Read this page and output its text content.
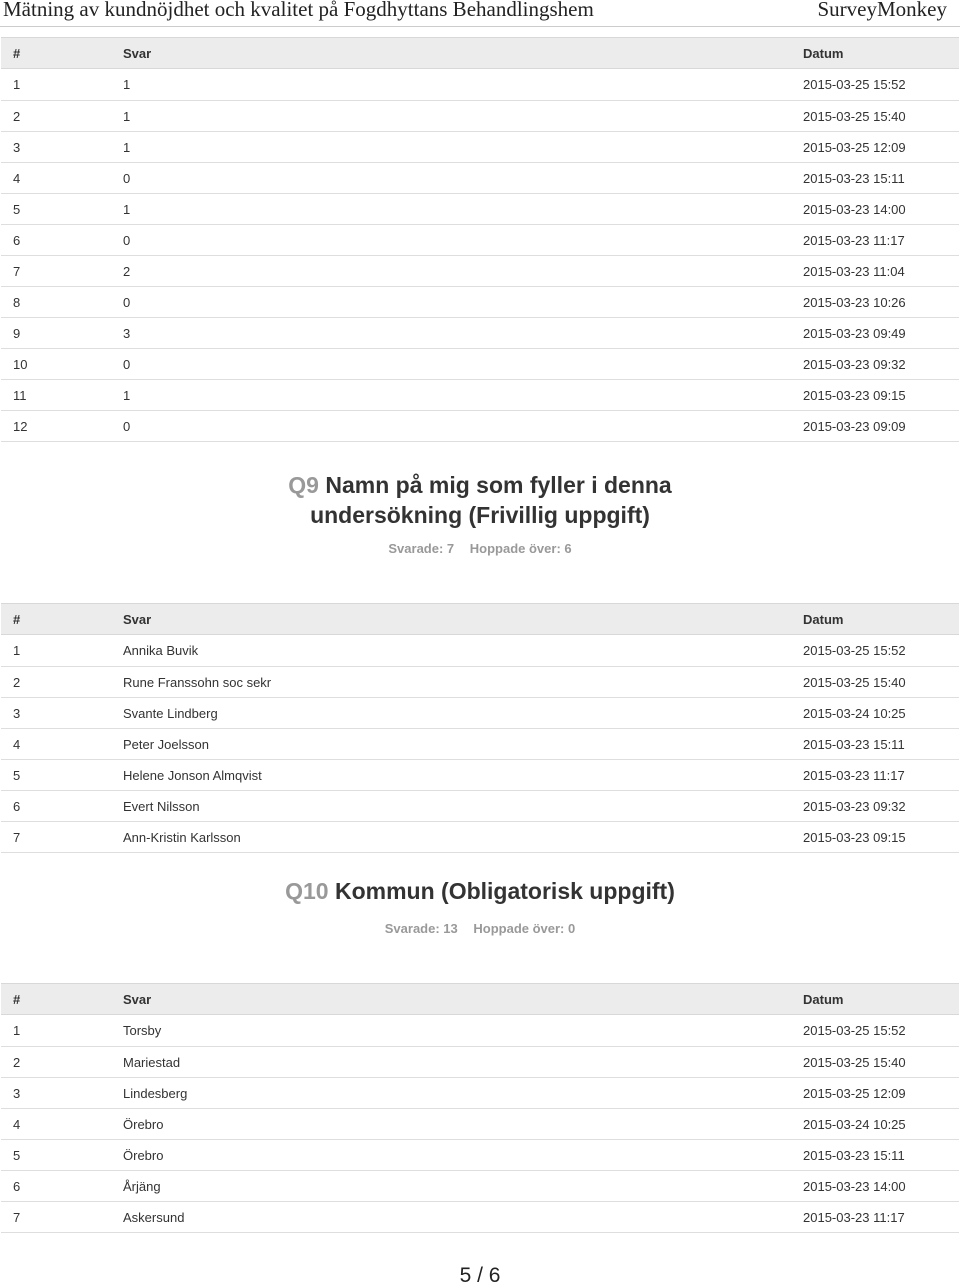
Mätning av kundnöjdhet och kvalitet på Fogdhyttans Behandlingshem	SurveyMonkey
#	Svar	Datum
1	1	2015-03-25 15:52
2	1	2015-03-25 15:40
3	1	2015-03-25 12:09
4	0	2015-03-23 15:11
5	1	2015-03-23 14:00
6	0	2015-03-23 11:17
7	2	2015-03-23 11:04
8	0	2015-03-23 10:26
9	3	2015-03-23 09:49
10	0	2015-03-23 09:32
11	1	2015-03-23 09:15
12	0	2015-03-23 09:09
Q9 Namn på mig som fyller i denna
undersökning (Frivillig uppgift)
Svarade: 7 Hoppade över: 6
#	Svar	Datum
1	Annika Buvik	2015-03-25 15:52
2	Rune Franssohn soc sekr	2015-03-25 15:40
3	Svante Lindberg	2015-03-24 10:25
4	Peter Joelsson	2015-03-23 15:11
5	Helene Jonson Almqvist	2015-03-23 11:17
6	Evert Nilsson	2015-03-23 09:32
7	Ann-Kristin Karlsson	2015-03-23 09:15
Q10 Kommun (Obligatorisk uppgift)
Svarade: 13 Hoppade över: 0
#	Svar	Datum
1	Torsby	2015-03-25 15:52
2	Mariestad	2015-03-25 15:40
3	Lindesberg	2015-03-25 12:09
4	Örebro	2015-03-24 10:25
5	Örebro	2015-03-23 15:11
6	Årjäng	2015-03-23 14:00
7	Askersund	2015-03-23 11:17
5 / 6
